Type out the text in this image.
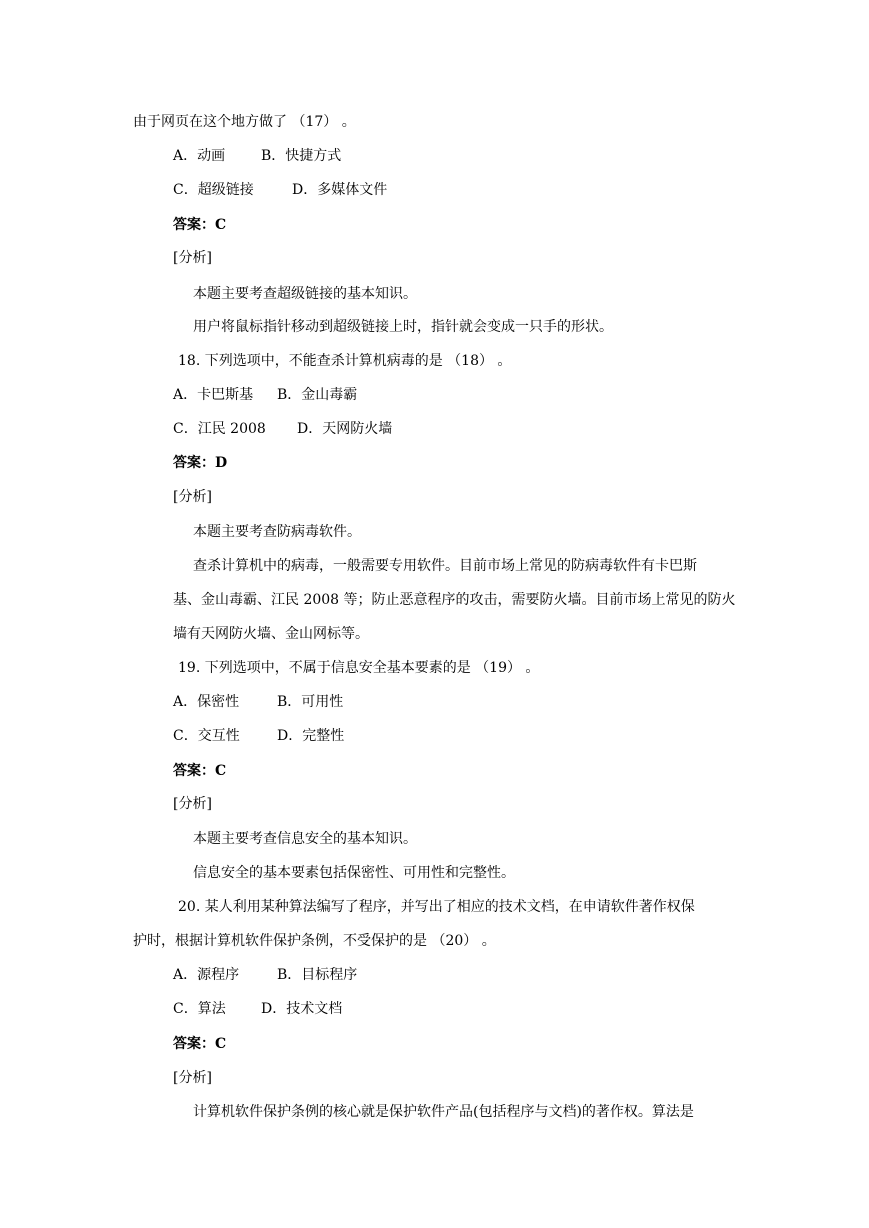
由于网页在这个地方做了 （17） 。
A．动画	B．快捷方式
C．超级链接	D．多媒体文件
答案：C
[分析]
本题主要考查超级链接的基本知识。
用户将鼠标指针移动到超级链接上时，指针就会变成一只手的形状。
18. 下列选项中，不能查杀计算机病毒的是 （18） 。
A．卡巴斯基 B．金山毒霸
C．江民 2008 D．天网防火墙
答案：D
[分析]
本题主要考查防病毒软件。
查杀计算机中的病毒，一般需要专用软件。目前市场上常见的防病毒软件有卡巴斯
基、金山毒霸、江民 2008 等；防止恶意程序的攻击，需要防火墙。目前市场上常见的防火
墙有天网防火墙、金山网标等。
19. 下列选项中，不属于信息安全基本要素的是 （19） 。
A．保密性	B．可用性
C．交互性	D．完整性
答案：C
[分析]
本题主要考查信息安全的基本知识。
信息安全的基本要素包括保密性、可用性和完整性。
20. 某人利用某种算法编写了程序，并写出了相应的技术文档，在申请软件著作权保
护时，根据计算机软件保护条例，不受保护的是 （20） 。
A．源程序	B．目标程序
C．算法	D．技术文档
答案：C
[分析]
计算机软件保护条例的核心就是保护软件产品(包括程序与文档)的著作权。算法是
